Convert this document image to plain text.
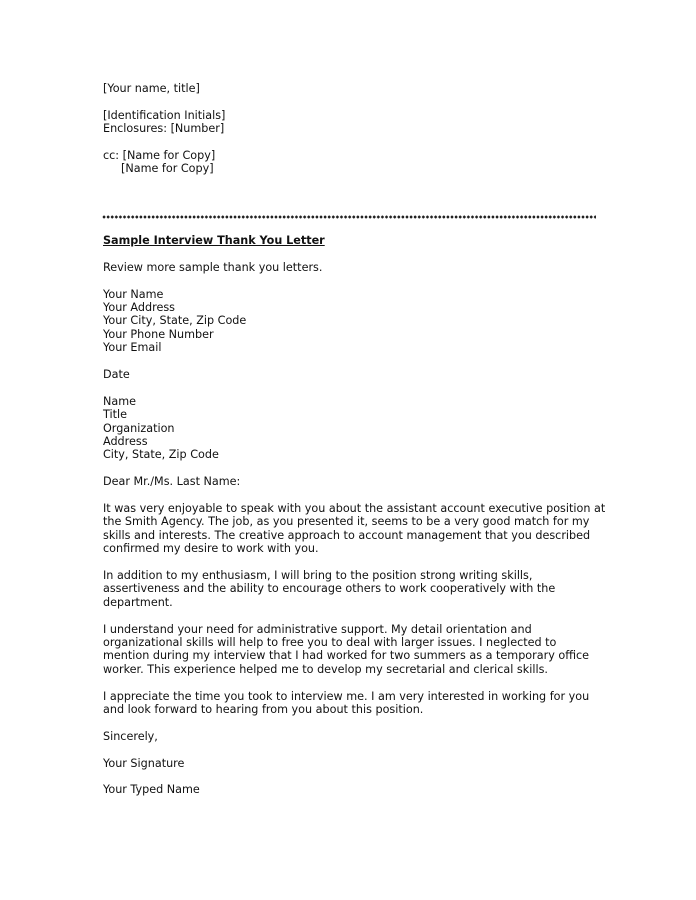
[Your name, title]
[Identification Initials]
Enclosures: [Number]
cc: [Name for Copy]
[Name for Copy]
Sample Interview Thank You Letter
Review more sample thank you letters.
Your Name
Your Address
Your City, State, Zip Code
Your Phone Number
Your Email
Date
Name
Title
Organization
Address
City, State, Zip Code
Dear Mr./Ms. Last Name:
It was very enjoyable to speak with you about the assistant account executive position at
the Smith Agency. The job, as you presented it, seems to be a very good match for my
skills and interests. The creative approach to account management that you described
confirmed my desire to work with you.
In addition to my enthusiasm, I will bring to the position strong writing skills,
assertiveness and the ability to encourage others to work cooperatively with the
department.
I understand your need for administrative support. My detail orientation and
organizational skills will help to free you to deal with larger issues. I neglected to
mention during my interview that I had worked for two summers as a temporary office
worker. This experience helped me to develop my secretarial and clerical skills.
I appreciate the time you took to interview me. I am very interested in working for you
and look forward to hearing from you about this position.
Sincerely,
Your Signature
Your Typed Name
